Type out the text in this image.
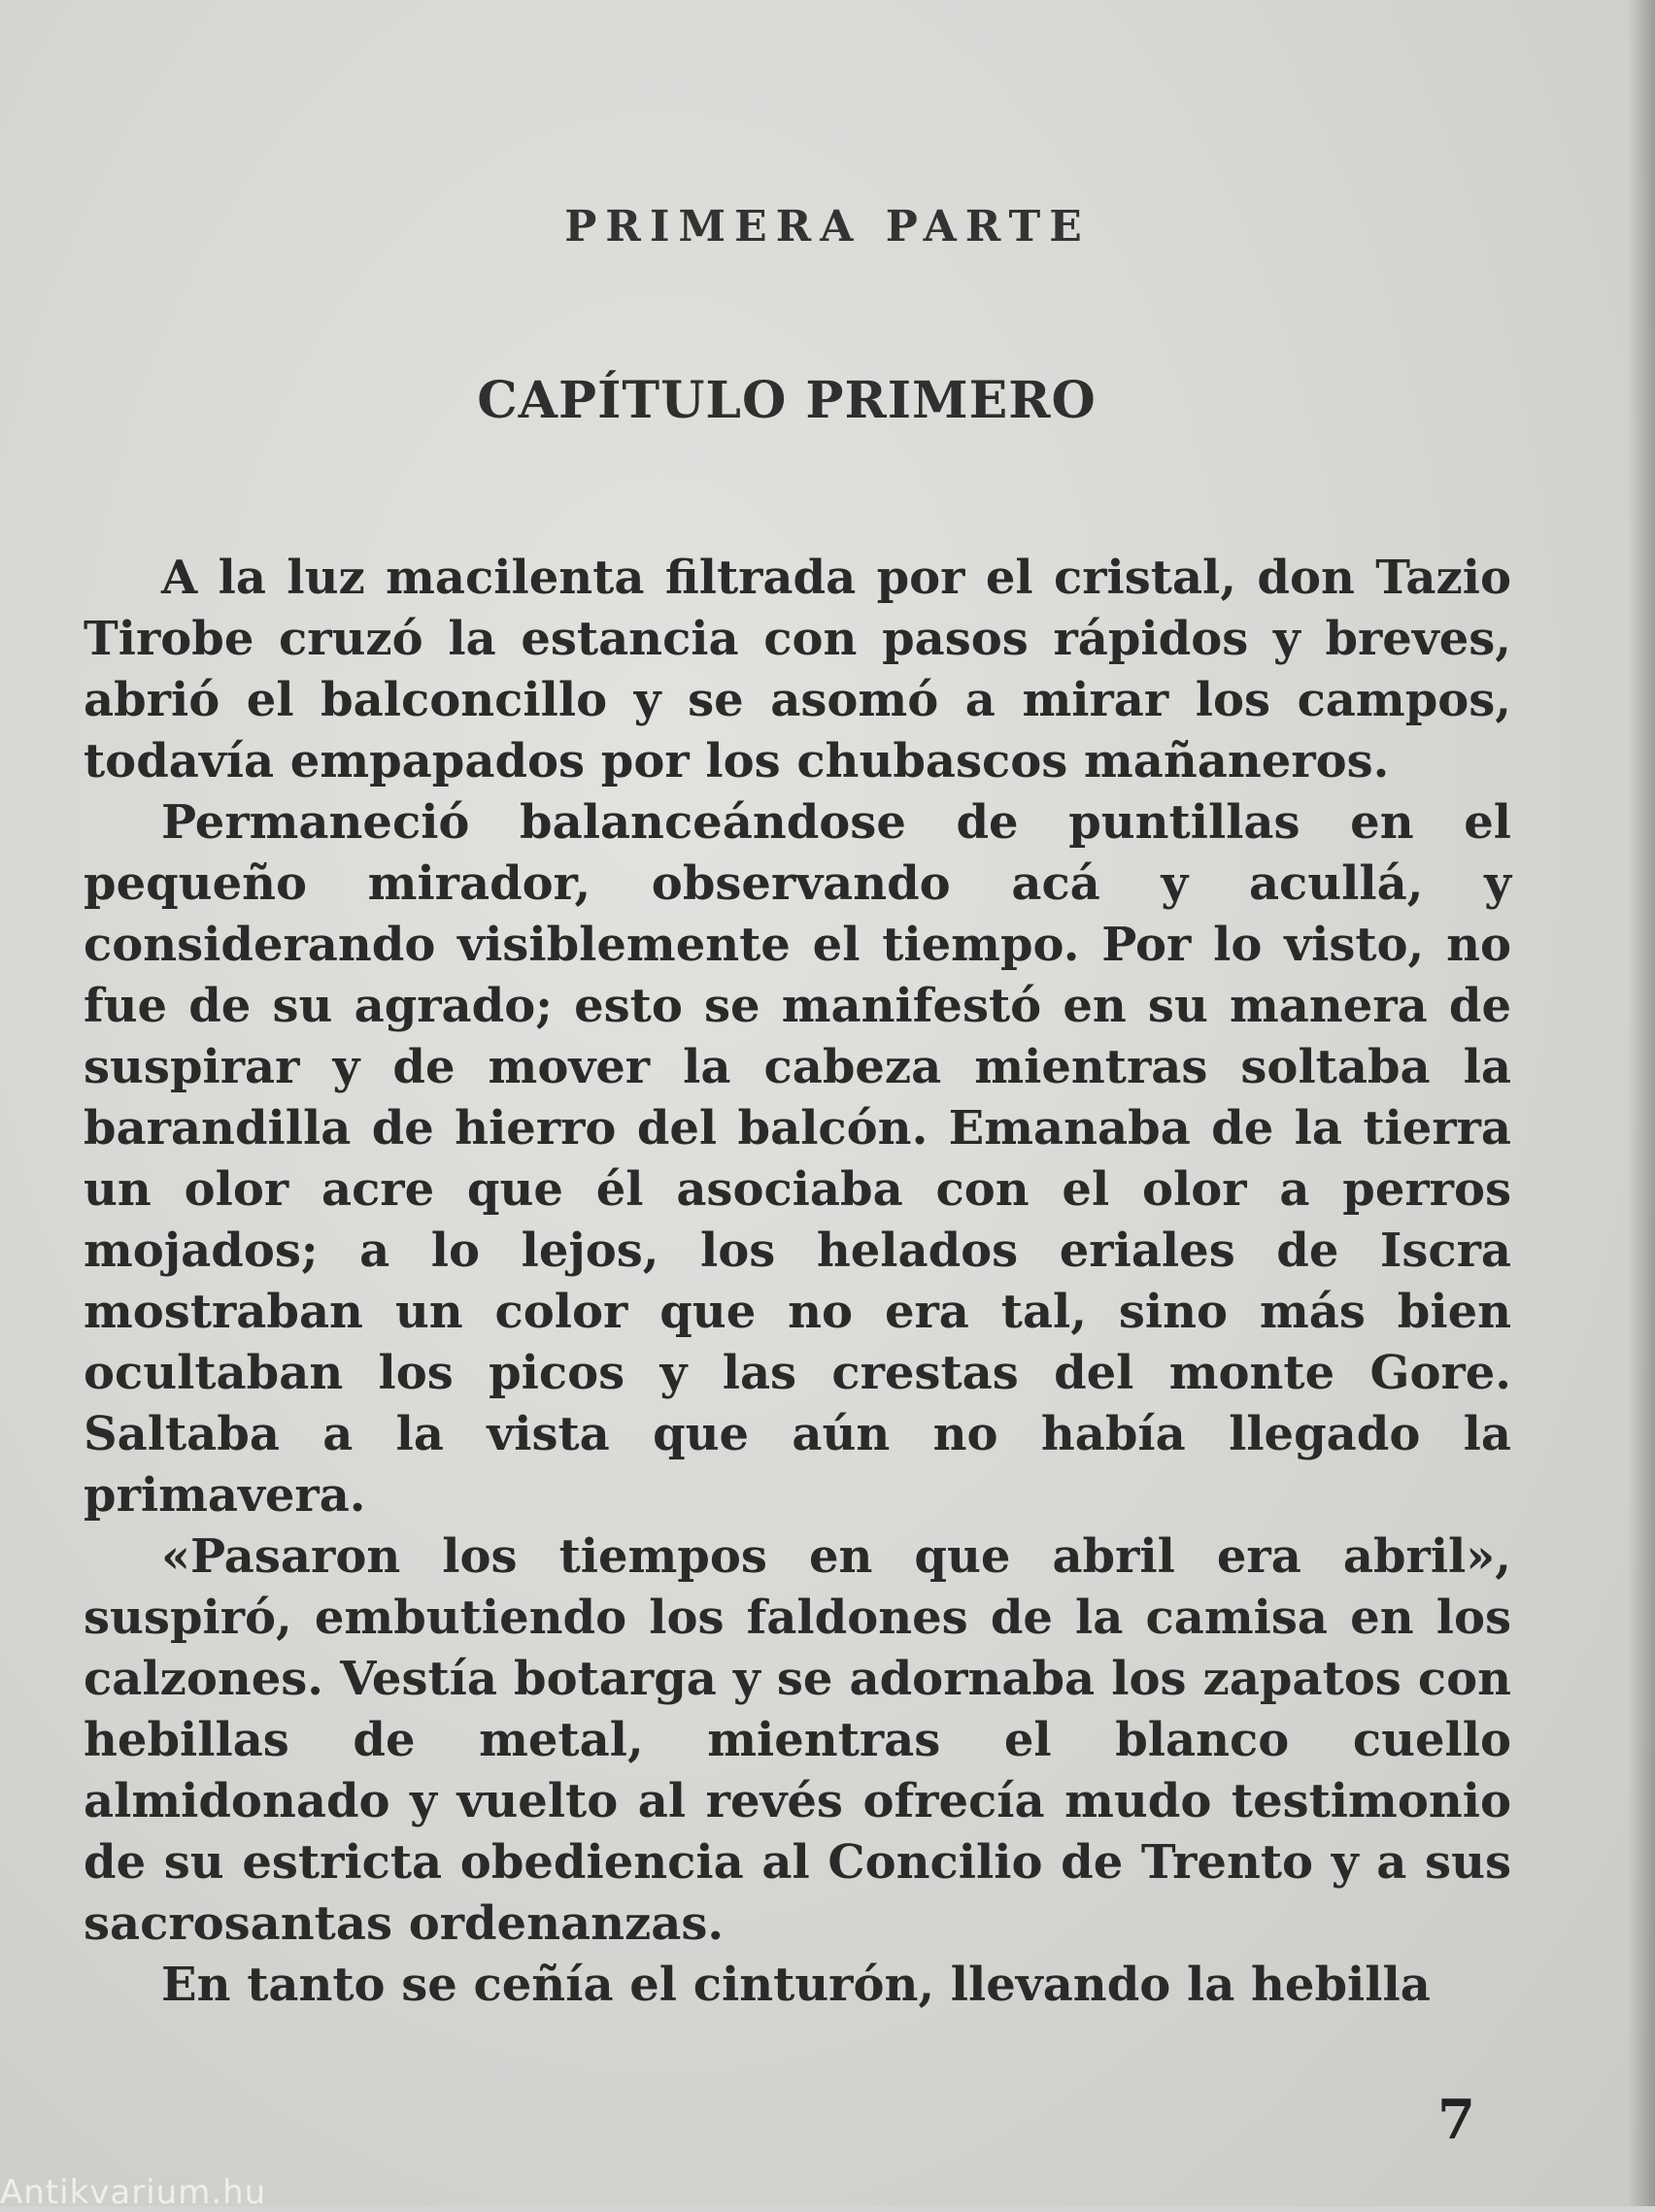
PRIMERA PARTE
CAPÍTULO PRIMERO

A la luz macilenta filtrada por el cristal, don Tazio Tirobe cruzó la estancia con pasos rápidos y breves, abrió el balconcillo y se asomó a mirar los campos, todavía empapados por los chubascos mañaneros.

Permaneció balanceándose de puntillas en el pequeño mirador, observando acá y acullá, y considerando visiblemente el tiempo. Por lo visto, no fue de su agrado; esto se manifestó en su manera de suspirar y de mover la cabeza mientras soltaba la barandilla de hierro del balcón. Emanaba de la tierra un olor acre que él asociaba con el olor a perros mojados; a lo lejos, los helados eriales de Iscra mostraban un color que no era tal, sino más bien ocultaban los picos y las crestas del monte Gore. Saltaba a la vista que aún no había llegado la primavera.

«Pasaron los tiempos en que abril era abril», suspiró, embutiendo los faldones de la camisa en los calzones. Vestía botarga y se adornaba los zapatos con hebillas de metal, mientras el blanco cuello almidonado y vuelto al revés ofrecía mudo testimonio de su estricta obediencia al Concilio de Trento y a sus sacrosantas ordenanzas.

En tanto se ceñía el cinturón, llevando la hebilla

7
Antikvarium.hu
